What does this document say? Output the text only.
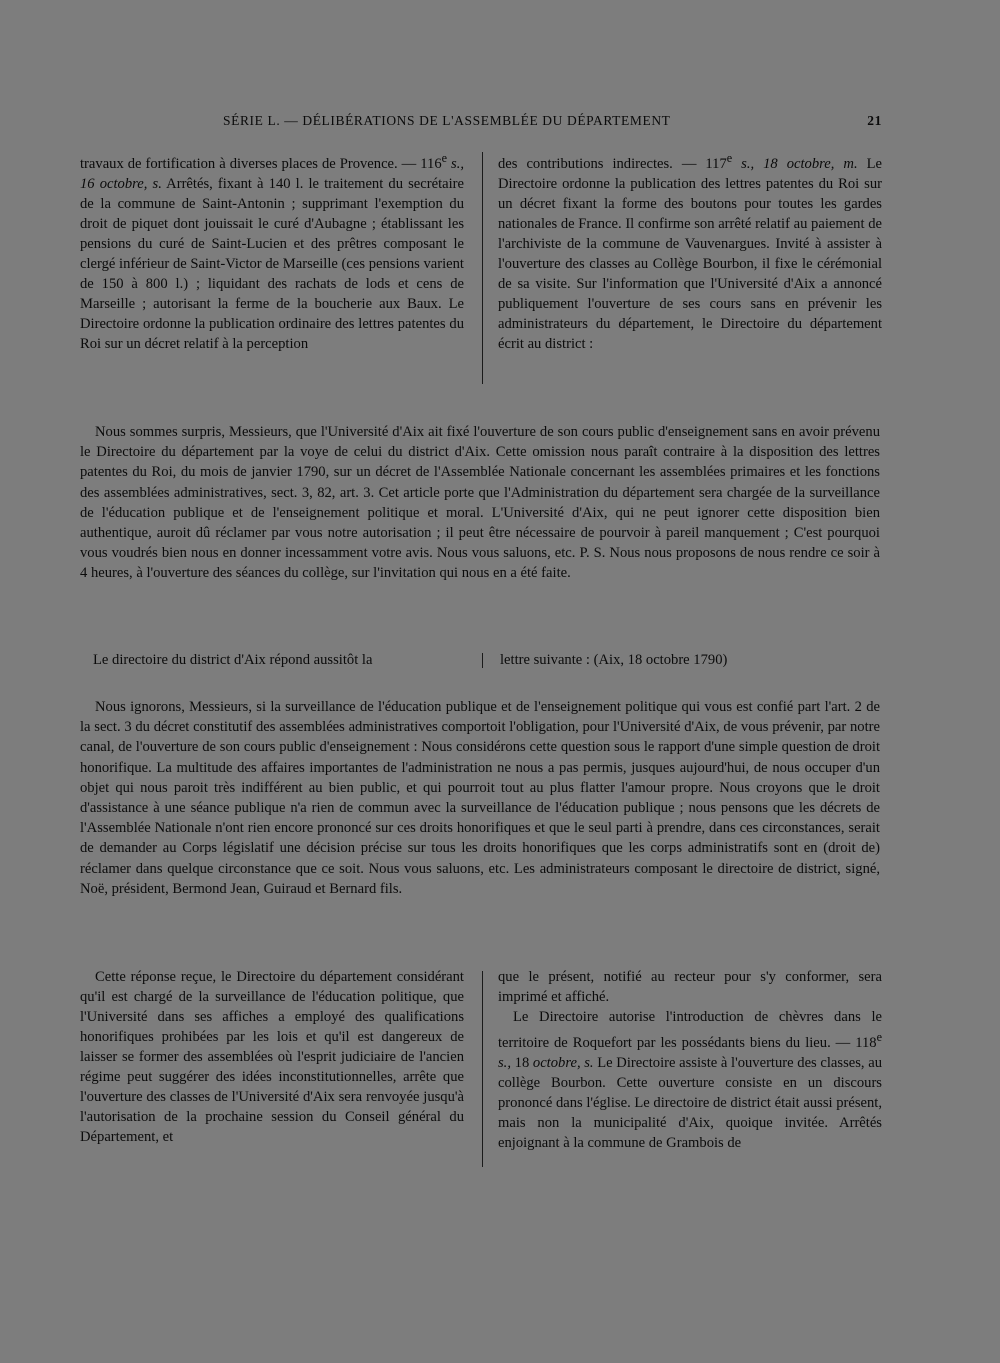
SÉRIE L. — DÉLIBÉRATIONS DE L'ASSEMBLÉE DU DÉPARTEMENT	21

travaux de fortification à diverses places de Provence. — 116e s., 16 octobre, s. Arrêtés, fixant à 140 l. le traitement du secrétaire de la commune de Saint-Antonin ; supprimant l'exemption du droit de piquet dont jouissait le curé d'Aubagne ; établissant les pensions du curé de Saint-Lucien et des prêtres composant le clergé inférieur de Saint-Victor de Marseille (ces pensions varient de 150 à 800 l.) ; liquidant des rachats de lods et cens de Marseille ; autorisant la ferme de la boucherie aux Baux. Le Directoire ordonne la publication ordinaire des lettres patentes du Roi sur un décret relatif à la perception

des contributions indirectes. — 117e s., 18 octobre, m. Le Directoire ordonne la publication des lettres patentes du Roi sur un décret fixant la forme des boutons pour toutes les gardes nationales de France. Il confirme son arrêté relatif au paiement de l'archiviste de la commune de Vauvenargues. Invité à assister à l'ouverture des classes au Collège Bourbon, il fixe le cérémonial de sa visite. Sur l'information que l'Université d'Aix a annoncé publiquement l'ouverture de ses cours sans en prévenir les administrateurs du département, le Directoire du département écrit au district :

Nous sommes surpris, Messieurs, que l'Université d'Aix ait fixé l'ouverture de son cours public d'enseignement sans en avoir prévenu le Directoire du département par la voye de celui du district d'Aix. Cette omission nous paraît contraire à la disposition des lettres patentes du Roi, du mois de janvier 1790, sur un décret de l'Assemblée Nationale concernant les assemblées primaires et les fonctions des assemblées administratives, sect. 3, 82, art. 3. Cet article porte que l'Administration du département sera chargée de la surveillance de l'éducation publique et de l'enseignement politique et moral. L'Université d'Aix, qui ne peut ignorer cette disposition bien authentique, auroit dû réclamer par vous notre autorisation ; il peut être nécessaire de pourvoir à pareil manquement ; C'est pourquoi vous voudrés bien nous en donner incessamment votre avis. Nous vous saluons, etc. P. S. Nous nous proposons de nous rendre ce soir à 4 heures, à l'ouverture des séances du collège, sur l'invitation qui nous en a été faite.

Le directoire du district d'Aix répond aussitôt la	lettre suivante : (Aix, 18 octobre 1790)

Nous ignorons, Messieurs, si la surveillance de l'éducation publique et de l'enseignement politique qui vous est confié part l'art. 2 de la sect. 3 du décret constitutif des assemblées administratives comportoit l'obligation, pour l'Université d'Aix, de vous prévenir, par notre canal, de l'ouverture de son cours public d'enseignement : Nous considérons cette question sous le rapport d'une simple question de droit honorifique. La multitude des affaires importantes de l'administration ne nous a pas permis, jusques aujourd'hui, de nous occuper d'un objet qui nous paroit très indifférent au bien public, et qui pourroit tout au plus flatter l'amour propre. Nous croyons que le droit d'assistance à une séance publique n'a rien de commun avec la surveillance de l'éducation publique ; nous pensons que les décrets de l'Assemblée Nationale n'ont rien encore prononcé sur ces droits honorifiques et que le seul parti à prendre, dans ces circonstances, serait de demander au Corps législatif une décision précise sur tous les droits honorifiques que les corps administratifs sont en (droit de) réclamer dans quelque circonstance que ce soit. Nous vous saluons, etc. Les administrateurs composant le directoire de district, signé, Noë, président, Bermond Jean, Guiraud et Bernard fils.

Cette réponse reçue, le Directoire du département considérant qu'il est chargé de la surveillance de l'éducation politique, que l'Université dans ses affiches a employé des qualifications honorifiques prohibées par les lois et qu'il est dangereux de laisser se former des assemblées où l'esprit judiciaire de l'ancien régime peut suggérer des idées inconstitutionnelles, arrête que l'ouverture des classes de l'Université d'Aix sera renvoyée jusqu'à l'autorisation de la prochaine session du Conseil général du Département, et

que le présent, notifié au recteur pour s'y conformer, sera imprimé et affiché.

Le Directoire autorise l'introduction de chèvres dans le territoire de Roquefort par les possédants biens du lieu. — 118e s., 18 octobre, s. Le Directoire assiste à l'ouverture des classes, au collège Bourbon. Cette ouverture consiste en un discours prononcé dans l'église. Le directoire de district était aussi présent, mais non la municipalité d'Aix, quoique invitée. Arrêtés enjoignant à la commune de Grambois de
